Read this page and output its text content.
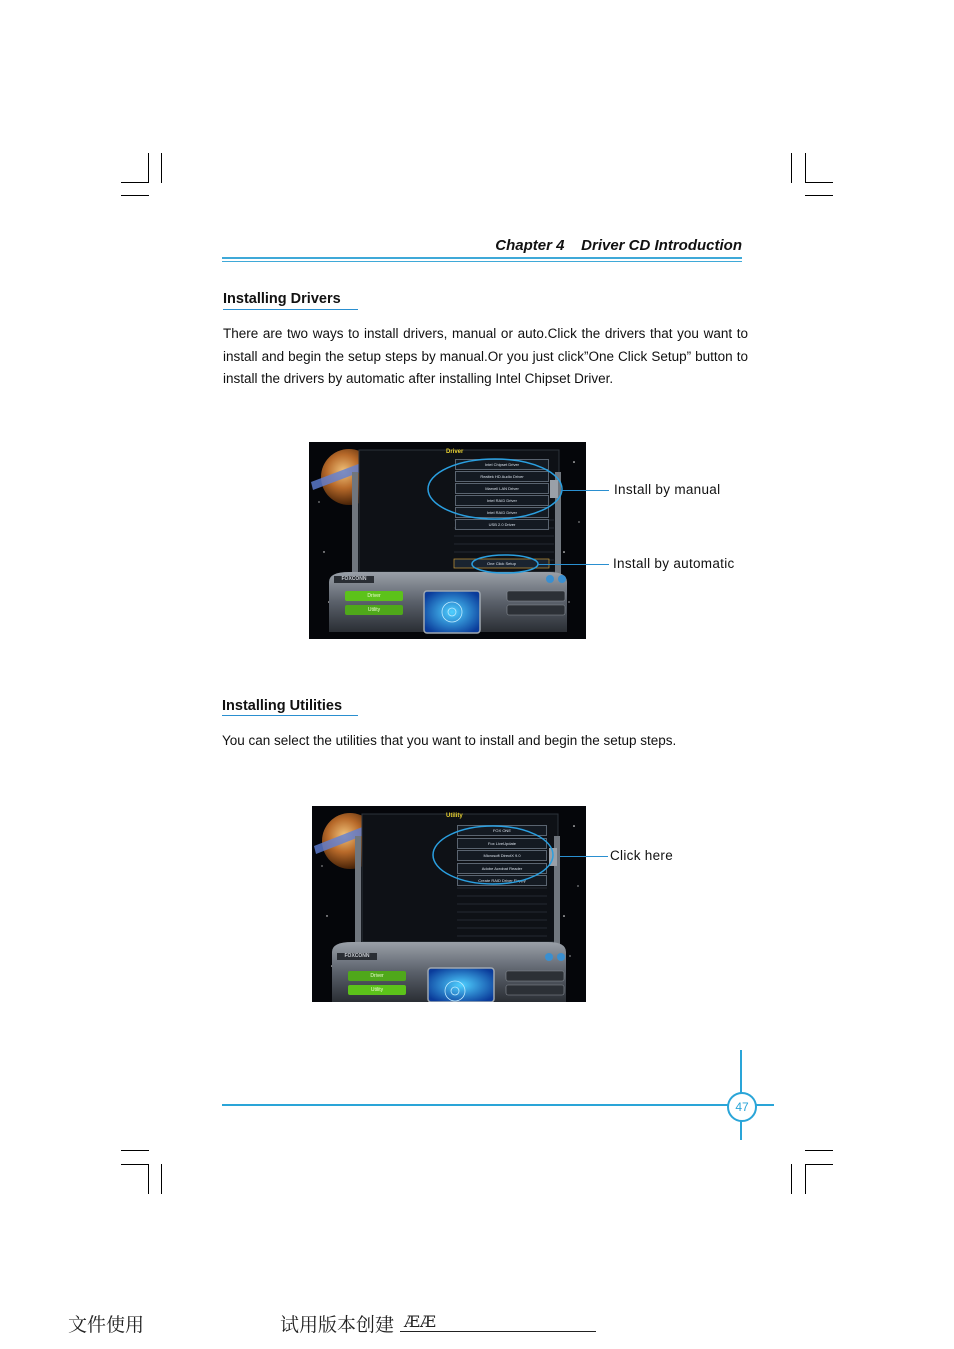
Chapter 4    Driver CD Introduction
Installing Drivers
There are two ways to install drivers, manual or auto.Click the drivers that you want to install and begin the setup steps by manual.Or you just click”One Click Setup” button to install the drivers by automatic after installing Intel Chipset Driver.
Driver
Intel Chipset Driver
Realtek HD Audio Driver
Marvell LAN Driver
Intel RAID Driver
Intel RAID Driver
USB 2.0 Driver
One Click Setup
FOXCONN
Driver
Utility
Install by manual
Install by automatic
Installing Utilities
You can select the utilities that you want to install and begin the setup steps.
Utility
FOX ONE
Fox LiveUpdate
Microsoft DirectX 9.0
Adobe Acrobat Reader
Create RAID Driver Floppy
FOXCONN
Driver
Utility
Click here
47
文件使用	试用版本创建 ÆÆ
